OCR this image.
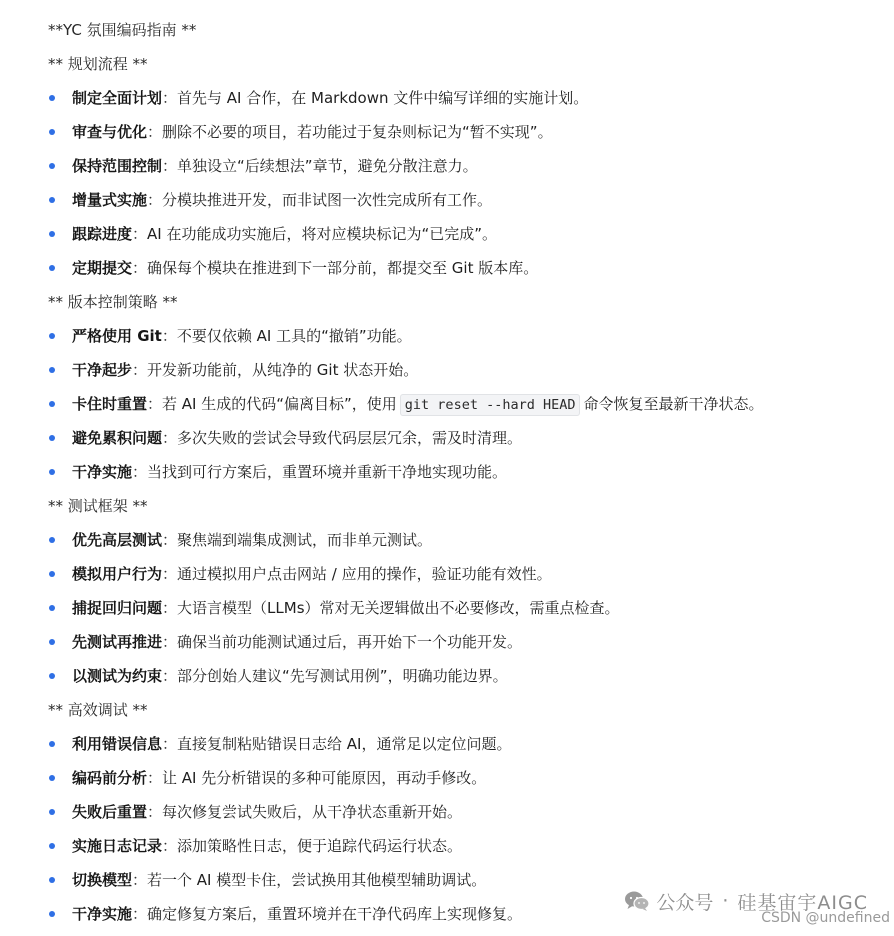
**YC 氛围编码指南 **
** 规划流程 **
制定全面计划：首先与 AI 合作，在 Markdown 文件中编写详细的实施计划。
审查与优化：删除不必要的项目，若功能过于复杂则标记为“暂不实现”。
保持范围控制：单独设立“后续想法”章节，避免分散注意力。
增量式实施：分模块推进开发，而非试图一次性完成所有工作。
跟踪进度：AI 在功能成功实施后，将对应模块标记为“已完成”。
定期提交：确保每个模块在推进到下一部分前，都提交至 Git 版本库。
** 版本控制策略 **
严格使用 Git：不要仅依赖 AI 工具的“撤销”功能。
干净起步：开发新功能前，从纯净的 Git 状态开始。
卡住时重置：若 AI 生成的代码“偏离目标”，使用 git reset --hard HEAD 命令恢复至最新干净状态。
避免累积问题：多次失败的尝试会导致代码层层冗余，需及时清理。
干净实施：当找到可行方案后，重置环境并重新干净地实现功能。
** 测试框架 **
优先高层测试：聚焦端到端集成测试，而非单元测试。
模拟用户行为：通过模拟用户点击网站 / 应用的操作，验证功能有效性。
捕捉回归问题：大语言模型（LLMs）常对无关逻辑做出不必要修改，需重点检查。
先测试再推进：确保当前功能测试通过后，再开始下一个功能开发。
以测试为约束：部分创始人建议“先写测试用例”，明确功能边界。
** 高效调试 **
利用错误信息：直接复制粘贴错误日志给 AI，通常足以定位问题。
编码前分析：让 AI 先分析错误的多种可能原因，再动手修改。
失败后重置：每次修复尝试失败后，从干净状态重新开始。
实施日志记录：添加策略性日志，便于追踪代码运行状态。
切换模型：若一个 AI 模型卡住，尝试换用其他模型辅助调试。
干净实施：确定修复方案后，重置环境并在干净代码库上实现修复。
公众号 · 硅基宙宇AIGC
CSDN @undefined
